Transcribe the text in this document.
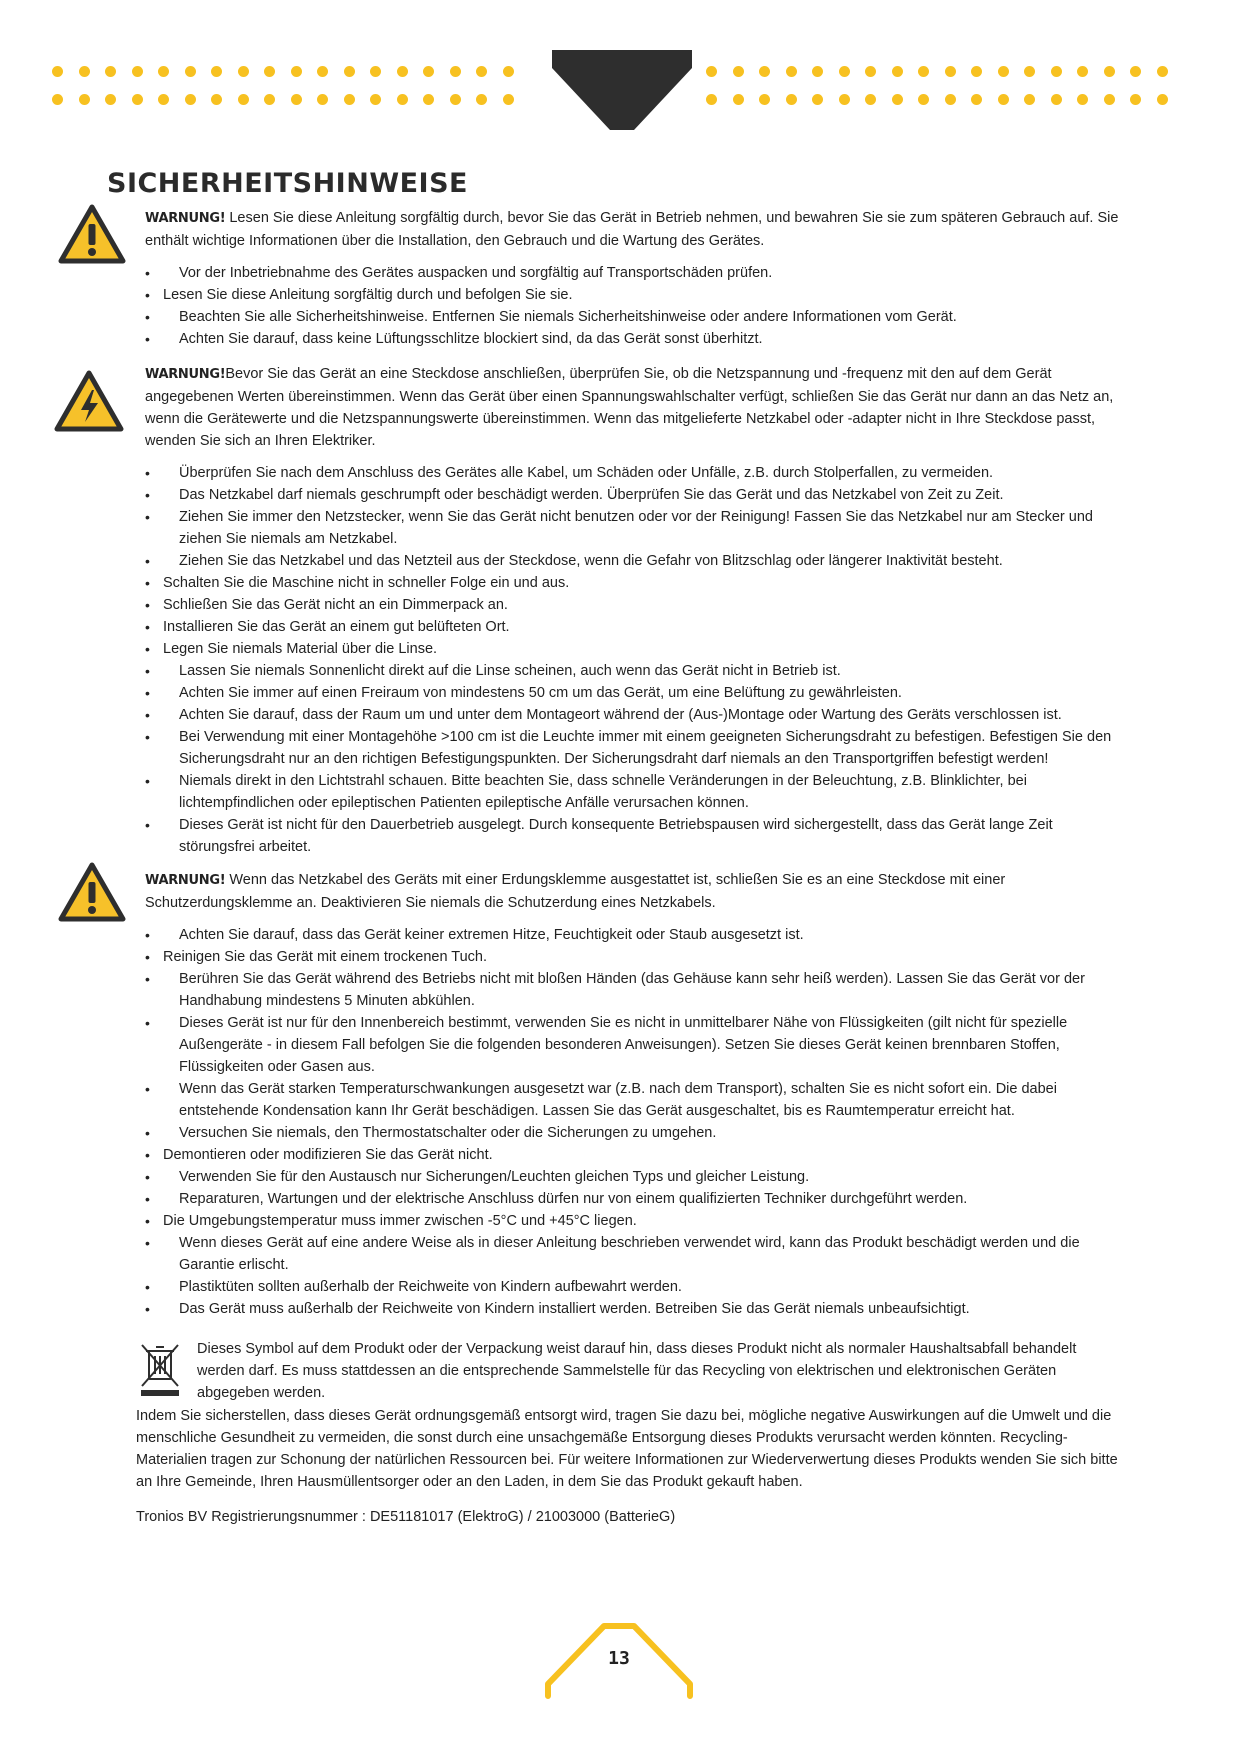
SICHERHEITSHINWEISE
WARNUNG! Lesen Sie diese Anleitung sorgfältig durch, bevor Sie das Gerät in Betrieb nehmen, und bewahren Sie sie zum späteren Gebrauch auf. Sie enthält wichtige Informationen über die Installation, den Gebrauch und die Wartung des Gerätes.
• Vor der Inbetriebnahme des Gerätes auspacken und sorgfältig auf Transportschäden prüfen.
• Lesen Sie diese Anleitung sorgfältig durch und befolgen Sie sie.
• Beachten Sie alle Sicherheitshinweise. Entfernen Sie niemals Sicherheitshinweise oder andere Informationen vom Gerät.
• Achten Sie darauf, dass keine Lüftungsschlitze blockiert sind, da das Gerät sonst überhitzt.
WARNUNG!Bevor Sie das Gerät an eine Steckdose anschließen, überprüfen Sie, ob die Netzspannung und -frequenz mit den auf dem Gerät angegebenen Werten übereinstimmen. Wenn das Gerät über einen Spannungswahlschalter verfügt, schließen Sie das Gerät nur dann an das Netz an, wenn die Gerätewerte und die Netzspannungswerte übereinstimmen. Wenn das mitgelieferte Netzkabel oder -adapter nicht in Ihre Steckdose passt, wenden Sie sich an Ihren Elektriker.
• Überprüfen Sie nach dem Anschluss des Gerätes alle Kabel, um Schäden oder Unfälle, z.B. durch Stolperfallen, zu vermeiden.
• Das Netzkabel darf niemals geschrumpft oder beschädigt werden. Überprüfen Sie das Gerät und das Netzkabel von Zeit zu Zeit.
• Ziehen Sie immer den Netzstecker, wenn Sie das Gerät nicht benutzen oder vor der Reinigung! Fassen Sie das Netzkabel nur am Stecker und ziehen Sie niemals am Netzkabel.
• Ziehen Sie das Netzkabel und das Netzteil aus der Steckdose, wenn die Gefahr von Blitzschlag oder längerer Inaktivität besteht.
• Schalten Sie die Maschine nicht in schneller Folge ein und aus.
• Schließen Sie das Gerät nicht an ein Dimmerpack an.
• Installieren Sie das Gerät an einem gut belüfteten Ort.
• Legen Sie niemals Material über die Linse.
• Lassen Sie niemals Sonnenlicht direkt auf die Linse scheinen, auch wenn das Gerät nicht in Betrieb ist.
• Achten Sie immer auf einen Freiraum von mindestens 50 cm um das Gerät, um eine Belüftung zu gewährleisten.
• Achten Sie darauf, dass der Raum um und unter dem Montageort während der (Aus-)Montage oder Wartung des Geräts verschlossen ist.
• Bei Verwendung mit einer Montagehöhe >100 cm ist die Leuchte immer mit einem geeigneten Sicherungsdraht zu befestigen. Befestigen Sie den Sicherungsdraht nur an den richtigen Befestigungspunkten. Der Sicherungsdraht darf niemals an den Transportgriffen befestigt werden!
• Niemals direkt in den Lichtstrahl schauen. Bitte beachten Sie, dass schnelle Veränderungen in der Beleuchtung, z.B. Blinklichter, bei lichtempfindlichen oder epileptischen Patienten epileptische Anfälle verursachen können.
• Dieses Gerät ist nicht für den Dauerbetrieb ausgelegt. Durch konsequente Betriebspausen wird sichergestellt, dass das Gerät lange Zeit störungsfrei arbeitet.
WARNUNG! Wenn das Netzkabel des Geräts mit einer Erdungsklemme ausgestattet ist, schließen Sie es an eine Steckdose mit einer Schutzerdungsklemme an. Deaktivieren Sie niemals die Schutzerdung eines Netzkabels.
• Achten Sie darauf, dass das Gerät keiner extremen Hitze, Feuchtigkeit oder Staub ausgesetzt ist.
• Reinigen Sie das Gerät mit einem trockenen Tuch.
• Berühren Sie das Gerät während des Betriebs nicht mit bloßen Händen (das Gehäuse kann sehr heiß werden). Lassen Sie das Gerät vor der Handhabung mindestens 5 Minuten abkühlen.
• Dieses Gerät ist nur für den Innenbereich bestimmt, verwenden Sie es nicht in unmittelbarer Nähe von Flüssigkeiten (gilt nicht für spezielle Außengeräte - in diesem Fall befolgen Sie die folgenden besonderen Anweisungen). Setzen Sie dieses Gerät keinen brennbaren Stoffen, Flüssigkeiten oder Gasen aus.
• Wenn das Gerät starken Temperaturschwankungen ausgesetzt war (z.B. nach dem Transport), schalten Sie es nicht sofort ein. Die dabei entstehende Kondensation kann Ihr Gerät beschädigen. Lassen Sie das Gerät ausgeschaltet, bis es Raumtemperatur erreicht hat.
• Versuchen Sie niemals, den Thermostatschalter oder die Sicherungen zu umgehen.
• Demontieren oder modifizieren Sie das Gerät nicht.
• Verwenden Sie für den Austausch nur Sicherungen/Leuchten gleichen Typs und gleicher Leistung.
• Reparaturen, Wartungen und der elektrische Anschluss dürfen nur von einem qualifizierten Techniker durchgeführt werden.
• Die Umgebungstemperatur muss immer zwischen -5°C und +45°C liegen.
• Wenn dieses Gerät auf eine andere Weise als in dieser Anleitung beschrieben verwendet wird, kann das Produkt beschädigt werden und die Garantie erlischt.
• Plastiktüten sollten außerhalb der Reichweite von Kindern aufbewahrt werden.
• Das Gerät muss außerhalb der Reichweite von Kindern installiert werden. Betreiben Sie das Gerät niemals unbeaufsichtigt.
Dieses Symbol auf dem Produkt oder der Verpackung weist darauf hin, dass dieses Produkt nicht als normaler Haushaltsabfall behandelt werden darf. Es muss stattdessen an die entsprechende Sammelstelle für das Recycling von elektrischen und elektronischen Geräten abgegeben werden.
Indem Sie sicherstellen, dass dieses Gerät ordnungsgemäß entsorgt wird, tragen Sie dazu bei, mögliche negative Auswirkungen auf die Umwelt und die menschliche Gesundheit zu vermeiden, die sonst durch eine unsachgemäße Entsorgung dieses Produkts verursacht werden könnten. Recycling-Materialien tragen zur Schonung der natürlichen Ressourcen bei. Für weitere Informationen zur Wiederverwertung dieses Produkts wenden Sie sich bitte an Ihre Gemeinde, Ihren Hausmüllentsorger oder an den Laden, in dem Sie das Produkt gekauft haben.
Tronios BV Registrierungsnummer : DE51181017 (ElektroG) / 21003000 (BatterieG)
13
